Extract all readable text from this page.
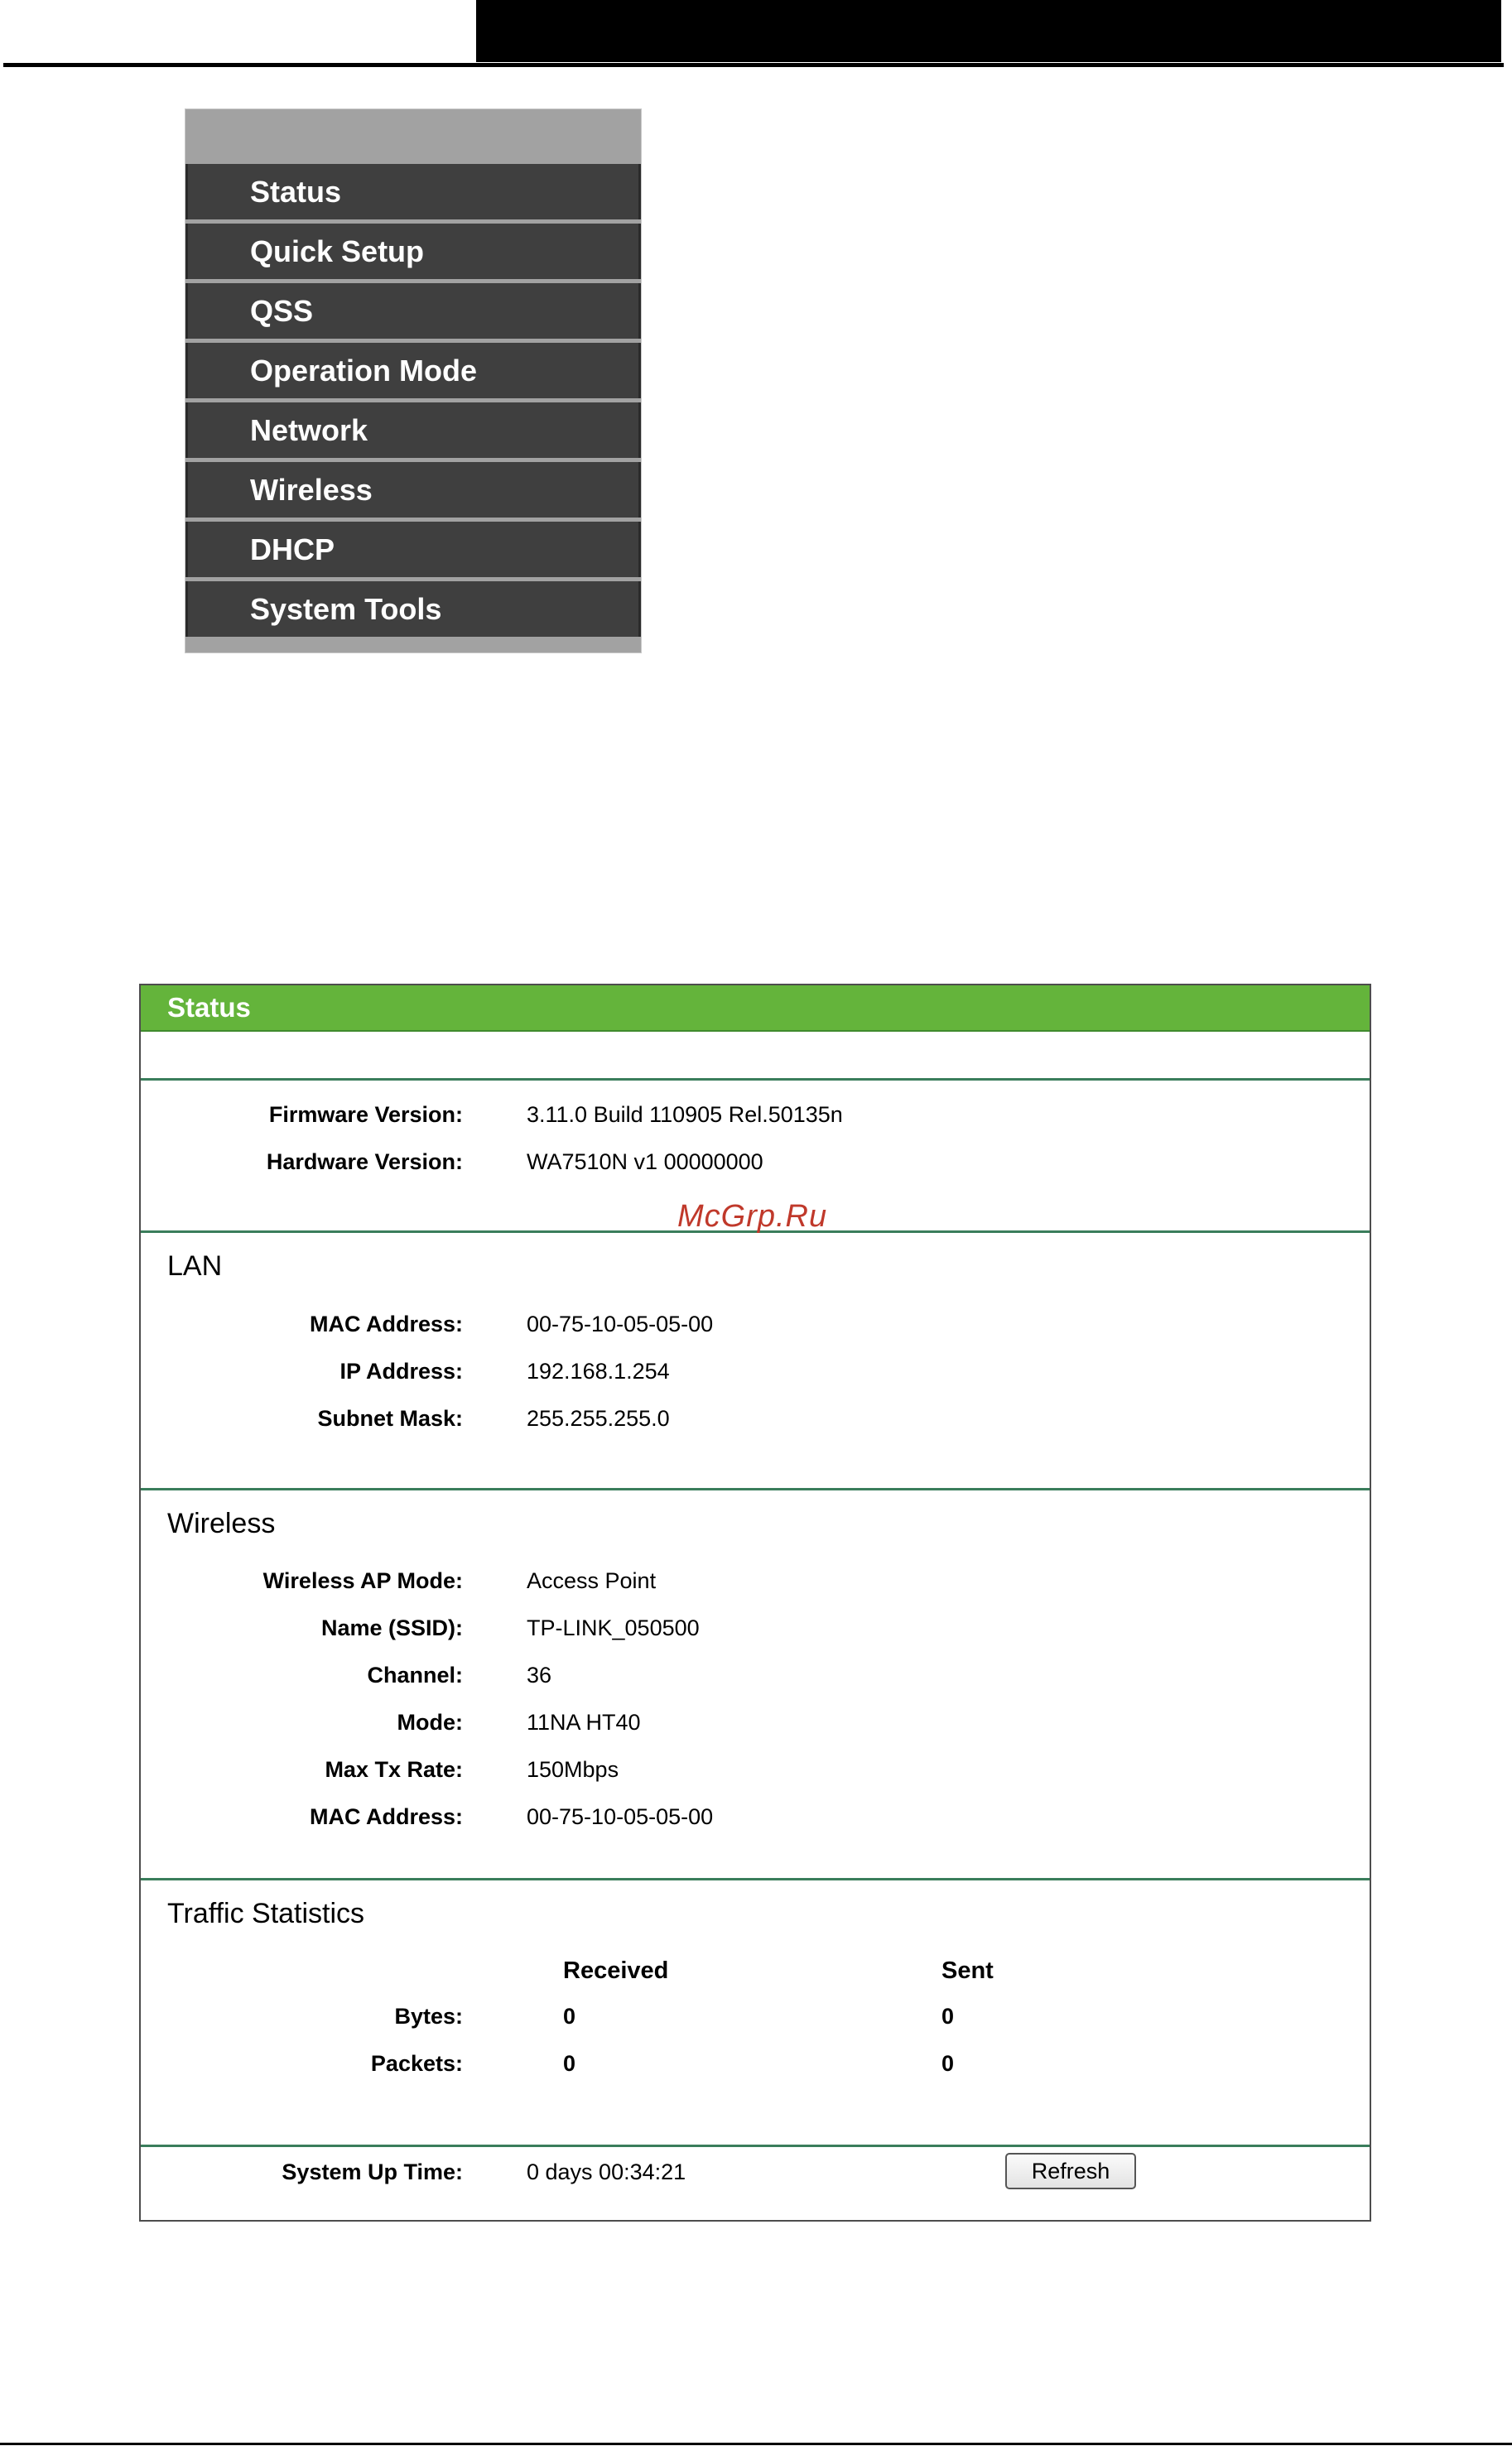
Status
Quick Setup
QSS
Operation Mode
Network
Wireless
DHCP
System Tools
Status
Firmware Version:	3.11.0 Build 110905 Rel.50135n
Hardware Version:	WA7510N v1 00000000
LAN
MAC Address:	00-75-10-05-05-00
IP Address:	192.168.1.254
Subnet Mask:	255.255.255.0
Wireless
Wireless AP Mode:	Access Point
Name (SSID):	TP-LINK_050500
Channel:	36
Mode:	11NA HT40
Max Tx Rate:	150Mbps
MAC Address:	00-75-10-05-05-00
Traffic Statistics
Received	Sent
Bytes:	0	0
Packets:	0	0
System Up Time:	0 days 00:34:21	Refresh
McGrp.Ru
